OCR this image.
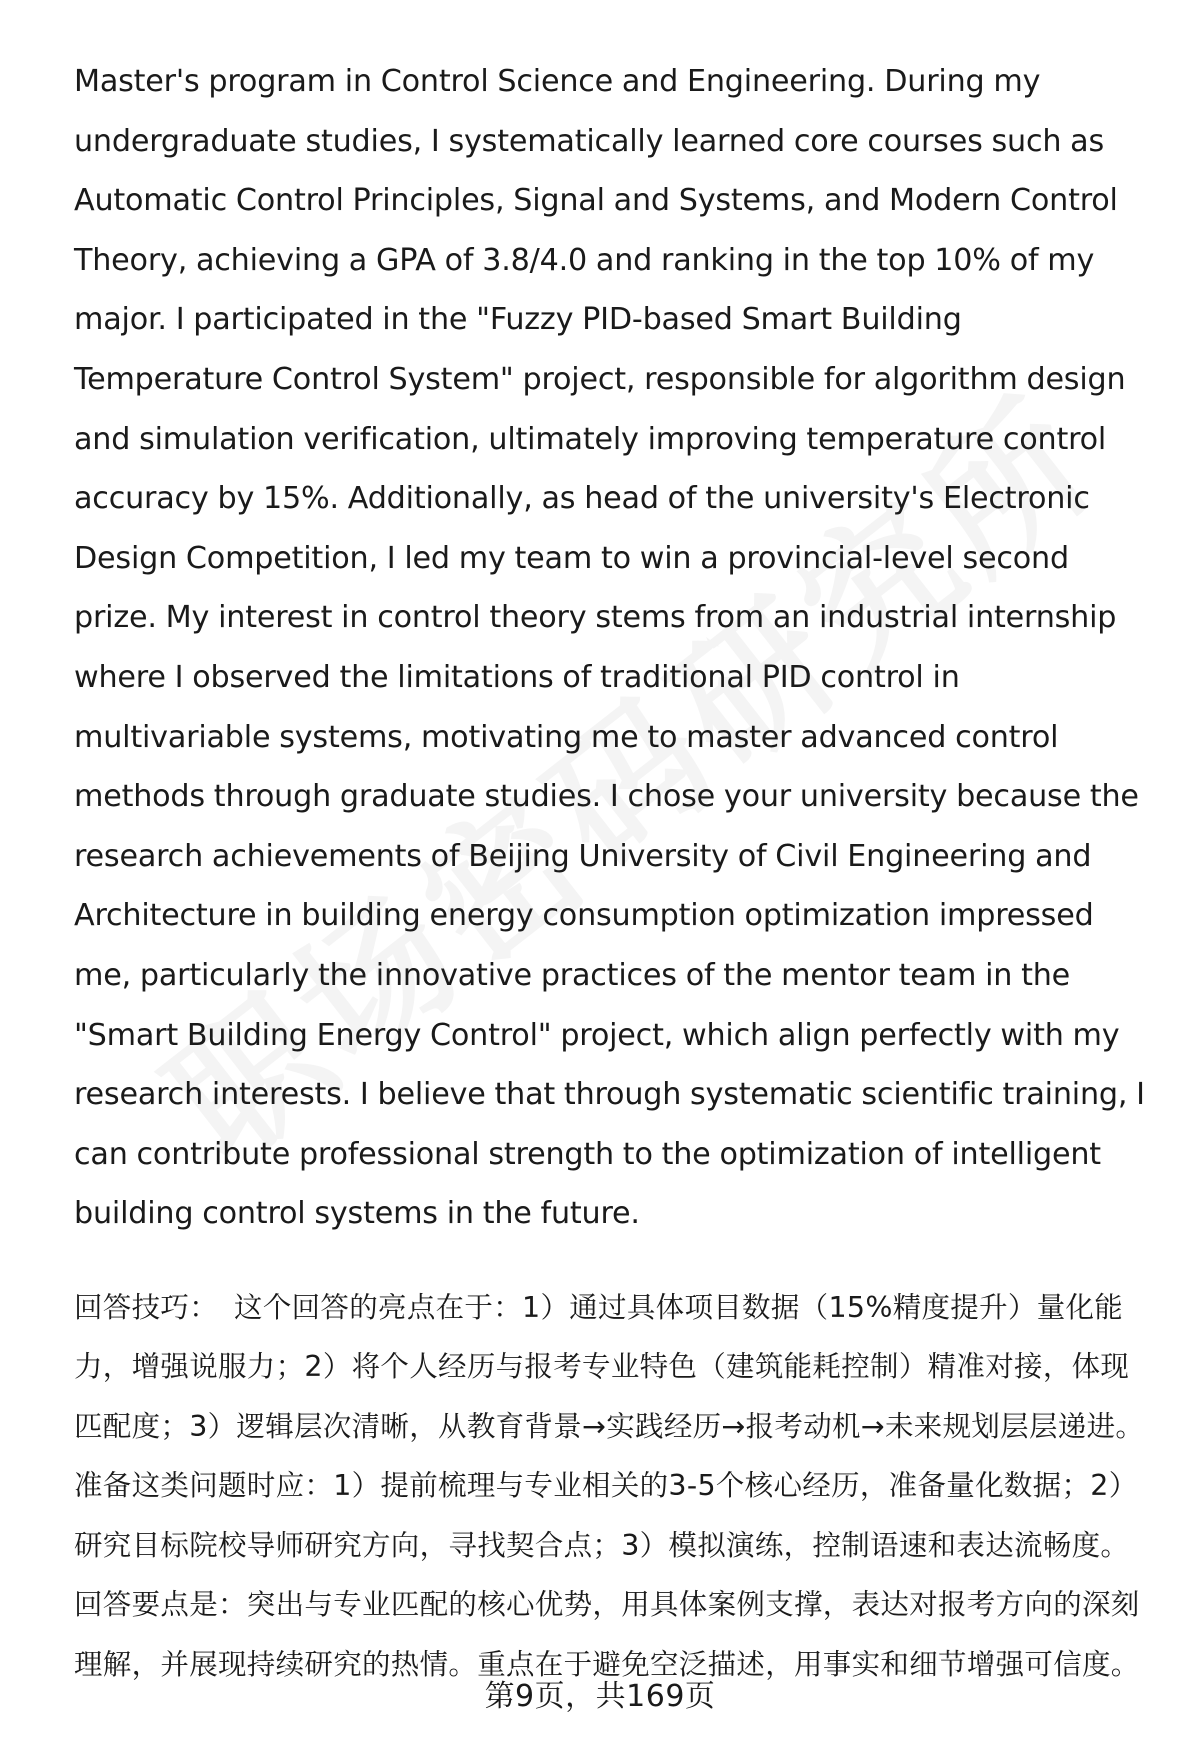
Master's program in Control Science and Engineering. During my undergraduate studies, I systematically learned core courses such as Automatic Control Principles, Signal and Systems, and Modern Control Theory, achieving a GPA of 3.8/4.0 and ranking in the top 10% of my major. I participated in the "Fuzzy PID-based Smart Building Temperature Control System" project, responsible for algorithm design and simulation verification, ultimately improving temperature control accuracy by 15%. Additionally, as head of the university's Electronic Design Competition, I led my team to win a provincial-level second prize. My interest in control theory stems from an industrial internship where I observed the limitations of traditional PID control in multivariable systems, motivating me to master advanced control methods through graduate studies. I chose your university because the research achievements of Beijing University of Civil Engineering and Architecture in building energy consumption optimization impressed me, particularly the innovative practices of the mentor team in the "Smart Building Energy Control" project, which align perfectly with my research interests. I believe that through systematic scientific training, I can contribute professional strength to the optimization of intelligent building control systems in the future.

回答技巧： 这个回答的亮点在于：1）通过具体项目数据（15%精度提升）量化能力，增强说服力；2）将个人经历与报考专业特色（建筑能耗控制）精准对接，体现匹配度；3）逻辑层次清晰，从教育背景→实践经历→报考动机→未来规划层层递进。准备这类问题时应：1）提前梳理与专业相关的3-5个核心经历，准备量化数据；2）研究目标院校导师研究方向，寻找契合点；3）模拟演练，控制语速和表达流畅度。回答要点是：突出与专业匹配的核心优势，用具体案例支撑，表达对报考方向的深刻理解，并展现持续研究的热情。重点在于避免空泛描述，用事实和细节增强可信度。

第9页，共169页
